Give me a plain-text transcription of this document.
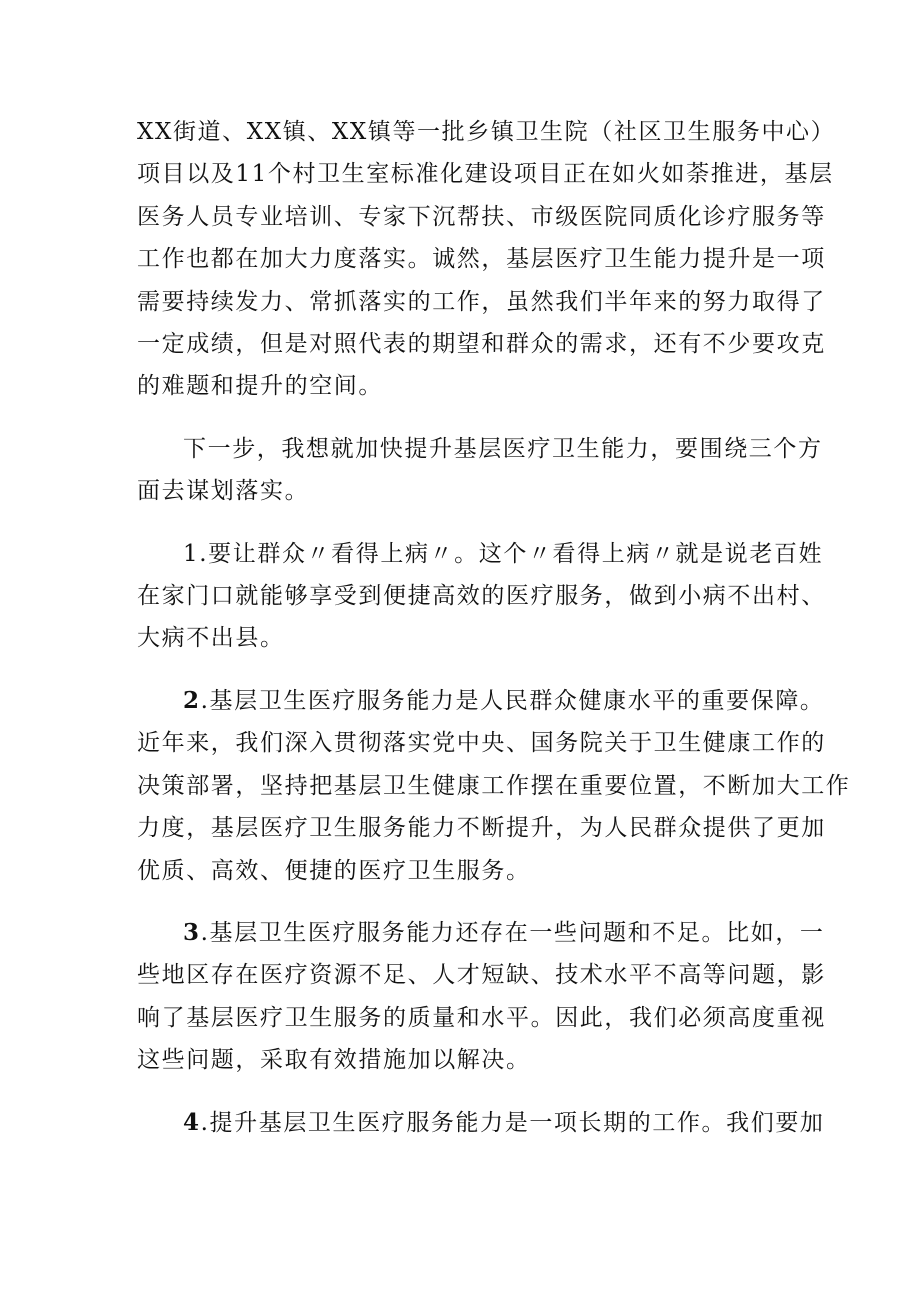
XX街道、XX镇、XX镇等一批乡镇卫生院（社区卫生服务中心）
项目以及11个村卫生室标准化建设项目正在如火如荼推进，基层
医务人员专业培训、专家下沉帮扶、市级医院同质化诊疗服务等
工作也都在加大力度落实。诚然，基层医疗卫生能力提升是一项
需要持续发力、常抓落实的工作，虽然我们半年来的努力取得了
一定成绩，但是对照代表的期望和群众的需求，还有不少要攻克
的难题和提升的空间。

下一步，我想就加快提升基层医疗卫生能力，要围绕三个方
面去谋划落实。

1.要让群众〃看得上病〃。这个〃看得上病〃就是说老百姓
在家门口就能够享受到便捷高效的医疗服务，做到小病不出村、
大病不出县。

2.基层卫生医疗服务能力是人民群众健康水平的重要保障。
近年来，我们深入贯彻落实党中央、国务院关于卫生健康工作的
决策部署，坚持把基层卫生健康工作摆在重要位置，不断加大工作
力度，基层医疗卫生服务能力不断提升，为人民群众提供了更加
优质、高效、便捷的医疗卫生服务。

3.基层卫生医疗服务能力还存在一些问题和不足。比如，一
些地区存在医疗资源不足、人才短缺、技术水平不高等问题，影
响了基层医疗卫生服务的质量和水平。因此，我们必须高度重视
这些问题，采取有效措施加以解决。

4.提升基层卫生医疗服务能力是一项长期的工作。我们要加
